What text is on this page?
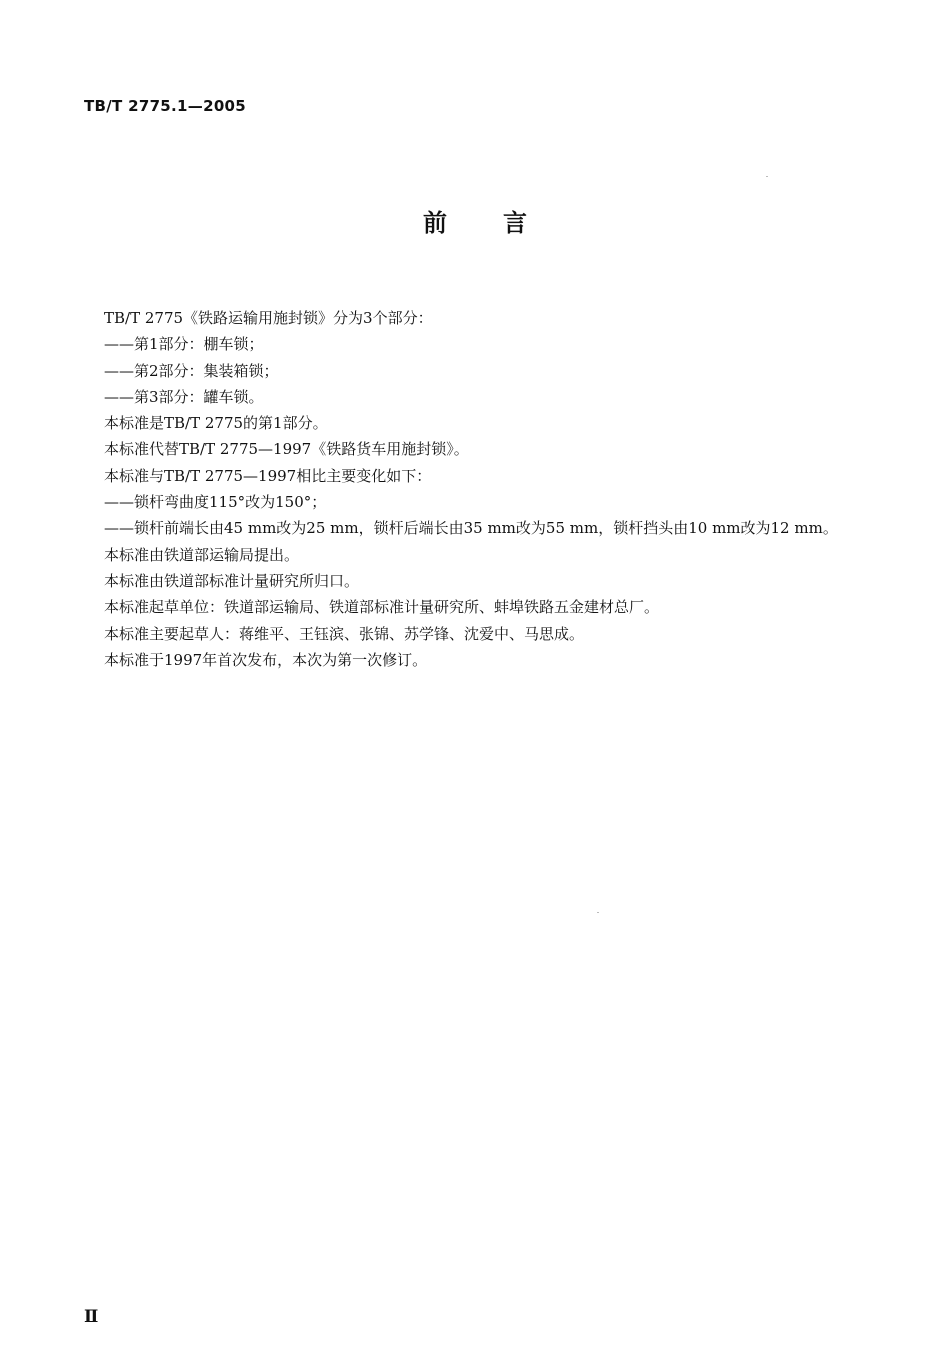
TB/T 2775.1—2005
前 言

TB/T 2775《铁路运输用施封锁》分为3个部分：

——第1部分：棚车锁；

——第2部分：集装箱锁；

——第3部分：罐车锁。

本标准是TB/T 2775的第1部分。

本标准代替TB/T 2775—1997《铁路货车用施封锁》。

本标准与TB/T 2775—1997相比主要变化如下：

——锁杆弯曲度115°改为150°；

——锁杆前端长由45 mm改为25 mm，锁杆后端长由35 mm改为55 mm，锁杆挡头由10 mm改为12 mm。

本标准由铁道部运输局提出。

本标准由铁道部标准计量研究所归口。

本标准起草单位：铁道部运输局、铁道部标准计量研究所、蚌埠铁路五金建材总厂。

本标准主要起草人：蒋维平、王钰滨、张锦、苏学锋、沈爱中、马思成。

本标准于1997年首次发布，本次为第一次修订。

Ⅱ
